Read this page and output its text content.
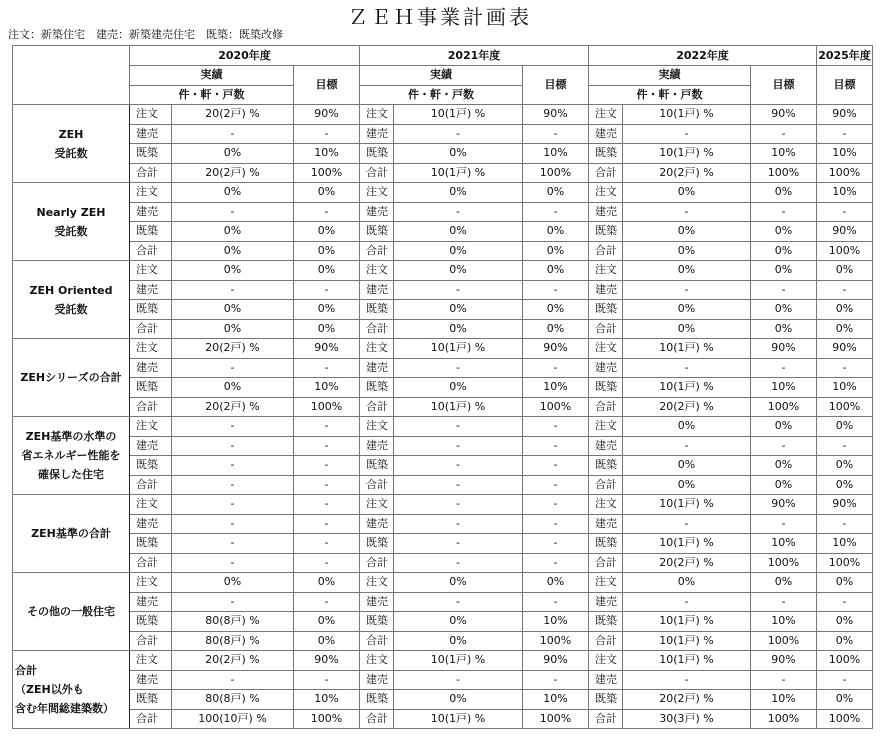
ＺＥＨ事業計画表
注文：新築住宅　建売：新築建売住宅　既築：既築改修
	2020年度			2021年度			2022年度			2025年度
	実績		目標	実績		目標	実績		目標	目標
	件・軒・戸数			件・軒・戸数			件・軒・戸数			
ZEH
受託数	注文	20(2戸) %	90%	注文	10(1戸) %	90%	注文	10(1戸) %	90%	90%
	建売	-	-	建売	-	-	建売	-	-	-
	既築	0%	10%	既築	0%	10%	既築	10(1戸) %	10%	10%
	合計	20(2戸) %	100%	合計	10(1戸) %	100%	合計	20(2戸) %	100%	100%
Nearly ZEH
受託数	注文	0%	0%	注文	0%	0%	注文	0%	0%	10%
	建売	-	-	建売	-	-	建売	-	-	-
	既築	0%	0%	既築	0%	0%	既築	0%	0%	90%
	合計	0%	0%	合計	0%	0%	合計	0%	0%	100%
ZEH Oriented
受託数	注文	0%	0%	注文	0%	0%	注文	0%	0%	0%
	建売	-	-	建売	-	-	建売	-	-	-
	既築	0%	0%	既築	0%	0%	既築	0%	0%	0%
	合計	0%	0%	合計	0%	0%	合計	0%	0%	0%
ZEHシリーズの合計	注文	20(2戸) %	90%	注文	10(1戸) %	90%	注文	10(1戸) %	90%	90%
	建売	-	-	建売	-	-	建売	-	-	-
	既築	0%	10%	既築	0%	10%	既築	10(1戸) %	10%	10%
	合計	20(2戸) %	100%	合計	10(1戸) %	100%	合計	20(2戸) %	100%	100%
ZEH基準の水準の
省エネルギー性能を
確保した住宅	注文	-	-	注文	-	-	注文	0%	0%	0%
	建売	-	-	建売	-	-	建売	-	-	-
	既築	-	-	既築	-	-	既築	0%	0%	0%
	合計	-	-	合計	-	-	合計	0%	0%	0%
ZEH基準の合計	注文	-	-	注文	-	-	注文	10(1戸) %	90%	90%
	建売	-	-	建売	-	-	建売	-	-	-
	既築	-	-	既築	-	-	既築	10(1戸) %	10%	10%
	合計	-	-	合計	-	-	合計	20(2戸) %	100%	100%
その他の一般住宅	注文	0%	0%	注文	0%	0%	注文	0%	0%	0%
	建売	-	-	建売	-	-	建売	-	-	-
	既築	80(8戸) %	0%	既築	0%	10%	既築	10(1戸) %	10%	0%
	合計	80(8戸) %	0%	合計	0%	100%	合計	10(1戸) %	100%	0%
合計
（ZEH以外も
含む年間総建築数）	注文	20(2戸) %	90%	注文	10(1戸) %	90%	注文	10(1戸) %	90%	100%
	建売	-	-	建売	-	-	建売	-	-	-
	既築	80(8戸) %	10%	既築	0%	10%	既築	20(2戸) %	10%	0%
	合計	100(10戸) %	100%	合計	10(1戸) %	100%	合計	30(3戸) %	100%	100%
